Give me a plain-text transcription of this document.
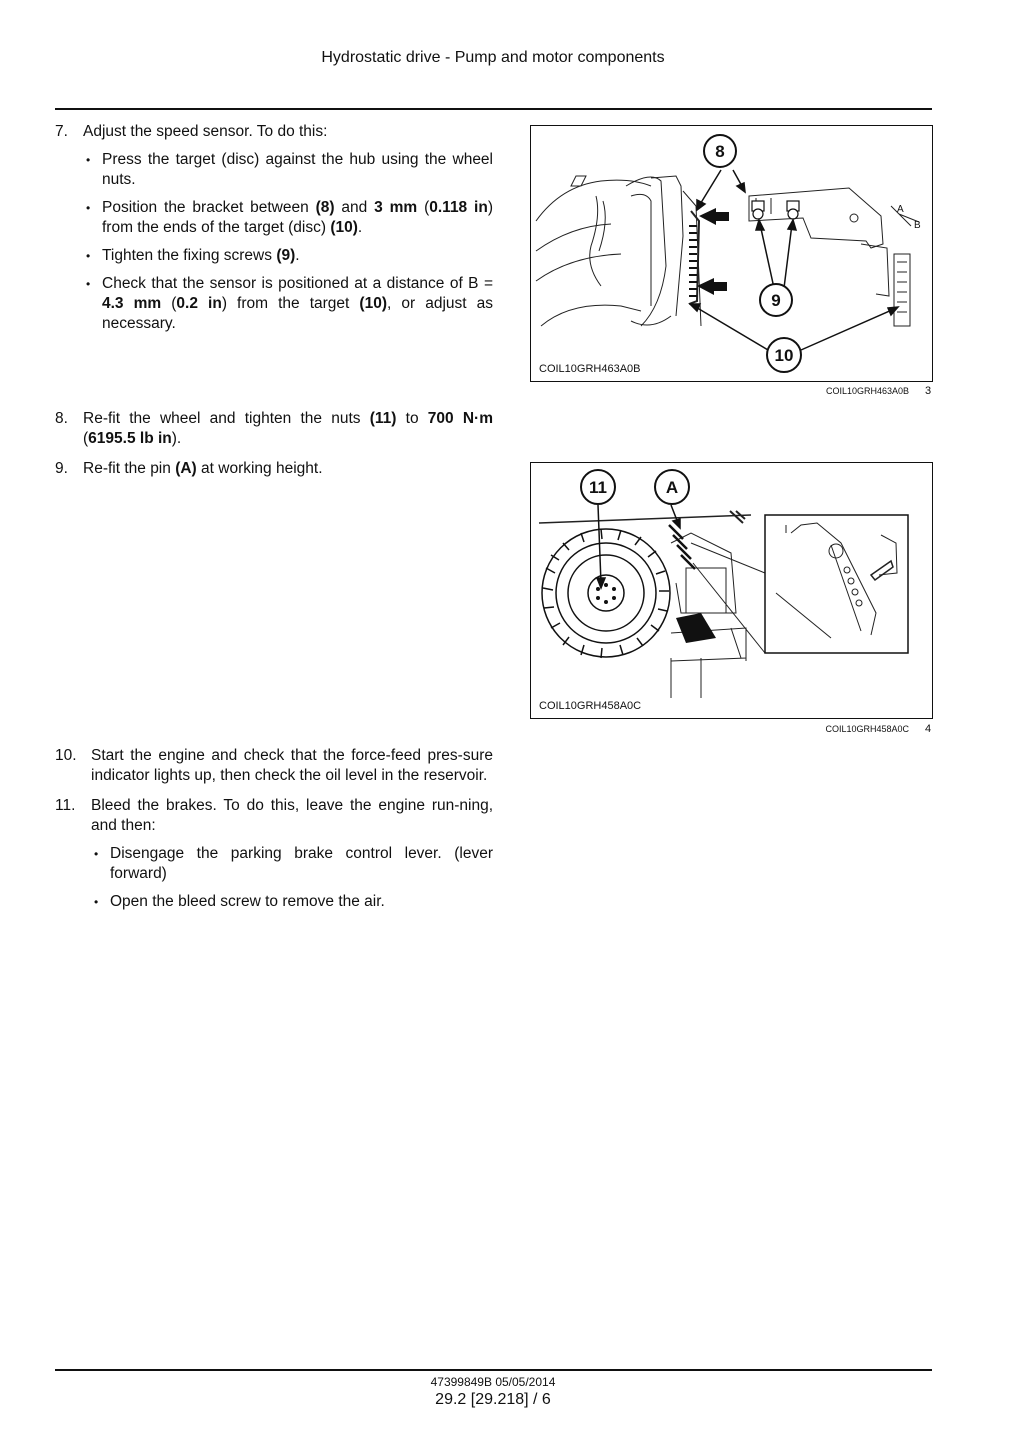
Hydrostatic drive - Pump and motor components
7. Adjust the speed sensor. To do this:
• Press the target (disc) against the hub using the wheel nuts.
• Position the bracket between (8) and 3 mm (0.118 in) from the ends of the target (disc) (10).
• Tighten the fixing screws (9).
• Check that the sensor is positioned at a distance of B = 4.3 mm (0.2 in) from the target (10), or adjust as necessary.
8. Re-fit the wheel and tighten the nuts (11) to 700 N·m (6195.5 lb in).
9. Re-fit the pin (A) at working height.
10. Start the engine and check that the force-feed pres-sure indicator lights up, then check the oil level in the reservoir.
11. Bleed the brakes. To do this, leave the engine run-ning, and then:
• Disengage the parking brake control lever. (lever forward)
• Open the bleed screw to remove the air.
A
B
8
9
10
COIL10GRH463A0B
COIL10GRH463A0B 3
11	A
COIL10GRH458A0C
COIL10GRH458A0C 4
47399849B 05/05/2014
29.2 [29.218] / 6
